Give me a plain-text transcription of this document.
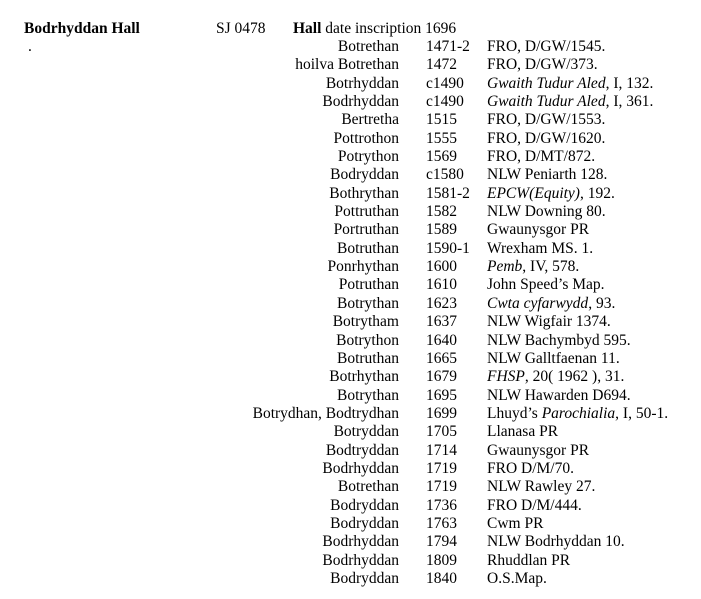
Bodrhyddan Hall
.
SJ 0478 Hall date inscription 1696
Botrethan 1471-2 FRO, D/GW/1545.
hoilva Botrethan 1472 FRO, D/GW/373.
Botrhyddan c1490 Gwaith Tudur Aled, I, 132.
Bodrhyddan c1490 Gwaith Tudur Aled, I, 361.
Bertretha 1515 FRO, D/GW/1553.
Pottrothon 1555 FRO, D/GW/1620.
Potrython 1569 FRO, D/MT/872.
Bodryddan c1580 NLW Peniarth 128.
Bothrythan 1581-2 EPCW(Equity), 192.
Pottruthan 1582 NLW Downing 80.
Portruthan 1589 Gwaunysgor PR
Botruthan 1590-1 Wrexham MS. 1.
Ponrhythan 1600 Pemb, IV, 578.
Potruthan 1610 John Speed’s Map.
Botrythan 1623 Cwta cyfarwydd, 93.
Botrytham 1637 NLW Wigfair 1374.
Botrython 1640 NLW Bachymbyd 595.
Botruthan 1665 NLW Galltfaenan 11.
Botrhythan 1679 FHSP, 20( 1962 ), 31.
Botrythan 1695 NLW Hawarden D694.
Botrydhan, Bodtrydhan 1699 Lhuyd’s Parochialia, I, 50-1.
Botryddan 1705 Llanasa PR
Bodtryddan 1714 Gwaunysgor PR
Bodrhyddan 1719 FRO D/M/70.
Botrethan 1719 NLW Rawley 27.
Bodryddan 1736 FRO D/M/444.
Bodryddan 1763 Cwm PR
Bodrhyddan 1794 NLW Bodrhyddan 10.
Bodrhyddan 1809 Rhuddlan PR
Bodryddan 1840 O.S.Map.
